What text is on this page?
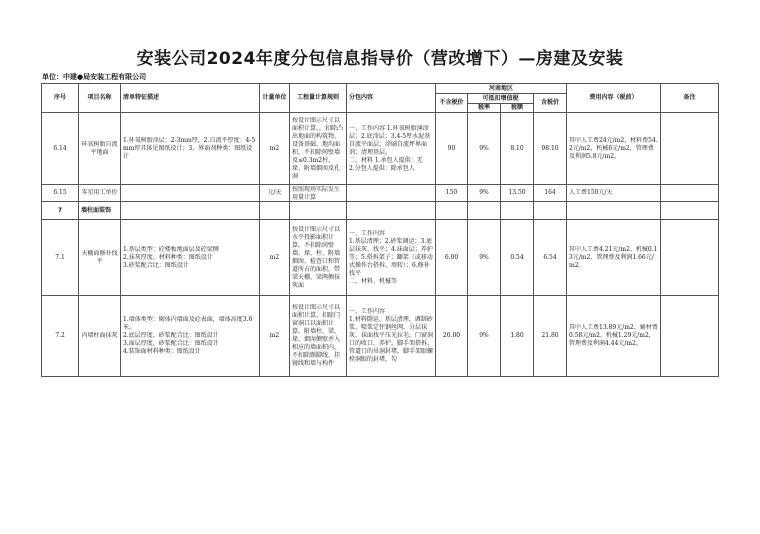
安装公司2024年度分包信息指导价（营改增下）—房建及安装
单位：中建●局安装工程有限公司
序号	项目名称	清单特征描述	计量单位	工程量计算规则	分包内容	河南地区				费用内容（税前）	备注
						不含税价	可抵扣增值税		含税价		
							税率	税额			

6.14	环氧树脂自流平地面	1.环氧树脂涂层：2-3mm厚，2.自流平厚度：4-5mm厚具体见图纸设计；3、界面剂种类：图纸设计	m2	按设计图示尺寸以面积计算，，扣除凸出地面的构筑物、设备基础、地沟面积，不扣除间壁墙及≤0.3m2柱、垛、附墙烟囱及孔洞	一、工作内容 1.环氧树脂薄涂层；2.底涂层；3.4-5厚水泥基自流平面层；涂刷自流坪界面剂；清理基层。
二、材料 1.承包人提供：无
2.分包人提供：除承包人	90	9%	8.10	98.10	其中人工费24元/m2，材料费54.2元/m2，机械6元/m2，管理费及利润5.8元/m2。	

6.15	零星用工单价		元/天	按照现场实际发生用量计算		150	9%	13.50	164	人工费150元/天	

7	墙柱面装饰										

7.1	天棚面修补找平	1.基层类型：砼楼板地面层及砼梁侧
2.抹灰厚度、材料种类：图纸设计
3.砂浆配合比：图纸设计	m2	按设计图示尺寸以水平投影面积计算。不扣除间壁墙、垛、柱、附墙烟囱、检查口和管道所占的面积，带梁天棚、梁两侧抹灰面	一、工作内容
1.基层清理；2.砂浆调运；3.底层抹灰、找平；4.抹面层；养护等；5.搭拆架子；翻架（或移动式操作台搭拆、周转）；6.修补找平
二、材料、机械等	6.00	9%	0.54	6.54	其中人工费4.21元/m2、机械0.13元/m2、管理费及利润1.66元/m2。	

7.2	内墙柱面抹灰	1.墙体类型：砌体内墙面及砼表面，墙体高度3.6米。
2.底层厚度、砂浆配合比：图纸设计
3.面层厚度、砂浆配合比：图纸设计
4.装饰面材料种类：图纸设计	m2	按设计图示尺寸以面积计算，扣除门窗洞口以面积计算。附墙柱、梁、垛、烟囱侧壁并入相应的墙面积内，不扣除踢脚线、挂镜线和墙与构件	一、工作内容
1.材料倒运、基层清理、调制砂浆、喷浆定往钢丝网，分层抹灰、抹面找平压光拉毛。门窗洞口的收口，养护，脚手架搭拆、管道口的吊洞封堵，脚手架眼螺栓洞眼的封堵，勾	20.00	9%	1.80	21.80	其中人工费13.89元/m2、辅材费0.58元/m2、机械1.29元/m2，管理费及利润4.44元/m2。	
